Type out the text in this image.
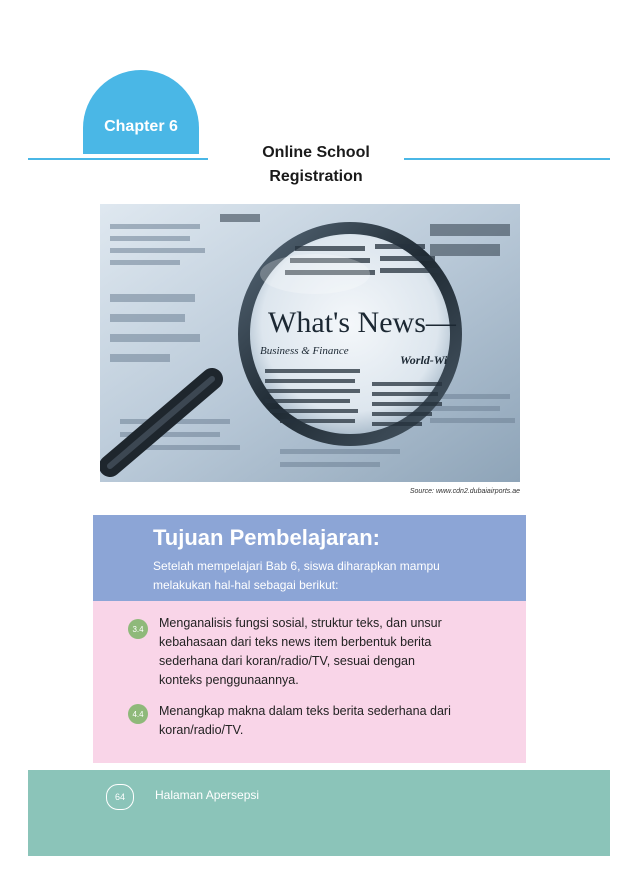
Chapter 6
Online School
Registration
What's News—
Business & Finance
World-Wi
Source: www.cdn2.dubaiairports.ae
Tujuan Pembelajaran:
Setelah mempelajari Bab 6, siswa diharapkan mampu
melakukan hal-hal sebagai berikut:
3.4	Menganalisis fungsi sosial, struktur teks, dan unsur
kebahasaan dari teks news item berbentuk berita
sederhana dari koran/radio/TV, sesuai dengan
konteks penggunaannya.
4.4	Menangkap makna dalam teks berita sederhana dari
koran/radio/TV.
64	Halaman Apersepsi
